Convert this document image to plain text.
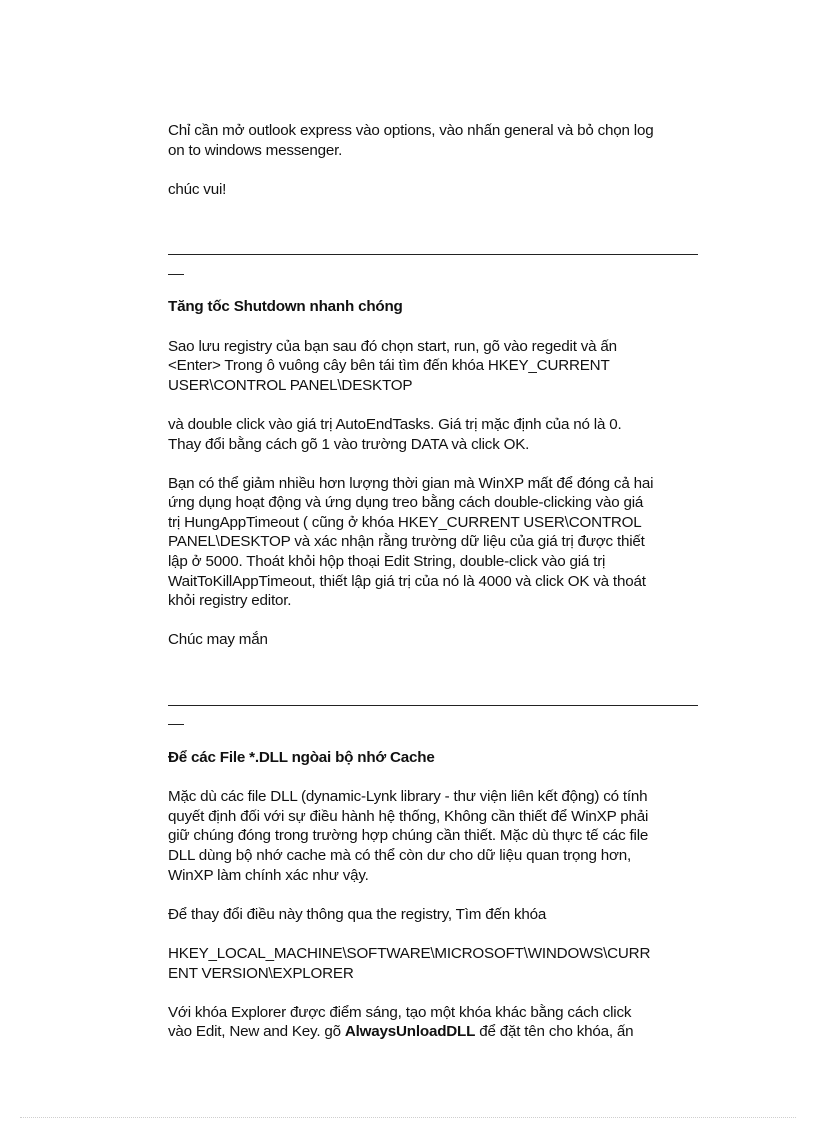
Chỉ cần mở outlook express vào options, vào nhấn general và bỏ chọn log
on to windows messenger.
chúc vui!
Tăng tốc Shutdown nhanh chóng
Sao lưu registry của bạn sau đó chọn start, run, gõ vào regedit và ấn
<Enter> Trong ô vuông cây bên tái tìm đến khóa HKEY_CURRENT
USER\CONTROL PANEL\DESKTOP
và double click vào giá trị AutoEndTasks. Giá trị mặc định của nó là 0.
Thay đổi bằng cách gõ 1 vào trường DATA và click OK.
Bạn có thể giảm nhiều hơn lượng thời gian mà WinXP mất để đóng cả hai
ứng dụng hoạt động và ứng dụng treo bằng cách double-clicking vào giá
trị HungAppTimeout ( cũng ở khóa HKEY_CURRENT USER\CONTROL
PANEL\DESKTOP và xác nhận rằng trường dữ liệu của giá trị được thiết
lập ở 5000. Thoát khỏi hộp thoại Edit String, double-click vào giá trị
WaitToKillAppTimeout, thiết lập giá trị của nó là 4000 và click OK và thoát
khỏi registry editor.
Chúc may mắn
Để các File *.DLL ngòai bộ nhớ Cache
Mặc dù các file DLL (dynamic-Lynk library - thư viện liên kết động) có tính
quyết định đối với sự điều hành hệ thống, Không cần thiết để WinXP phải
giữ chúng đóng trong trường hợp chúng cần thiết. Mặc dù thực tế các file
DLL dùng bộ nhớ cache mà có thể còn dư cho dữ liệu quan trọng hơn,
WinXP làm chính xác như vậy.
Để thay đổi điều này thông qua the registry, Tìm đến khóa
HKEY_LOCAL_MACHINE\SOFTWARE\MICROSOFT\WINDOWS\CURR
ENT VERSION\EXPLORER
Với khóa Explorer được điểm sáng, tạo một khóa khác bằng cách click
vào Edit, New and Key. gõ AlwaysUnloadDLL để đặt tên cho khóa, ấn
